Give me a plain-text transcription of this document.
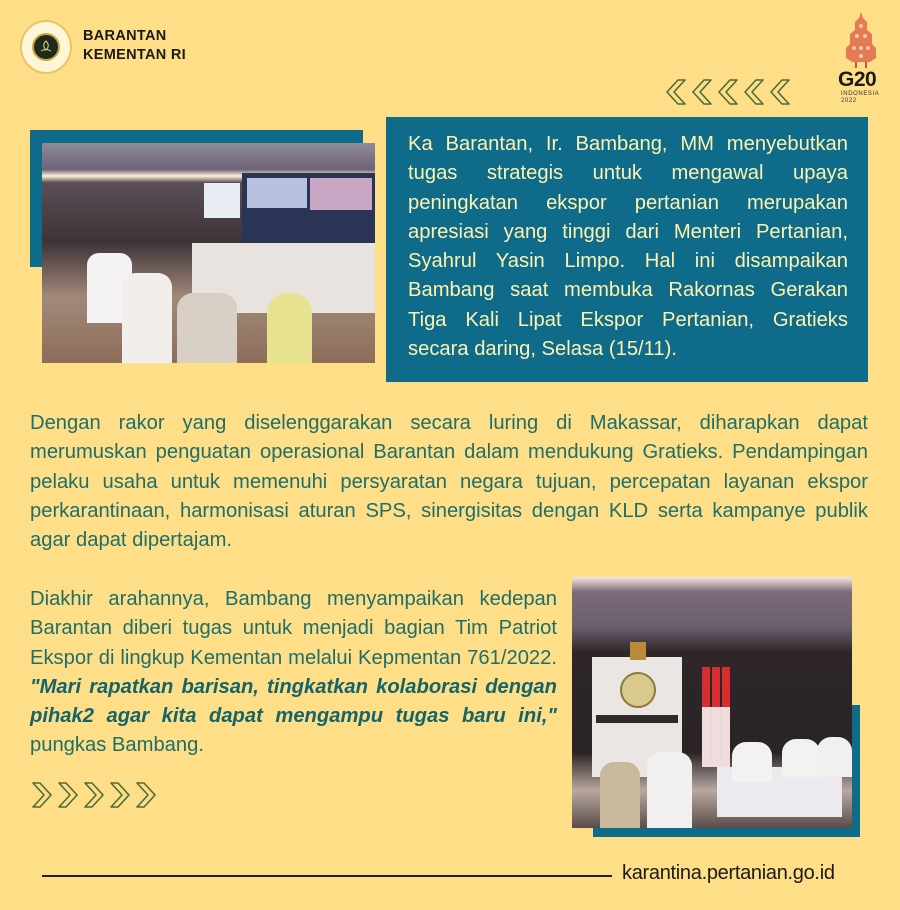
BARANTAN
KEMENTAN RI
G20
INDONESIA
2022

Ka Barantan, Ir. Bambang, MM menyebutkan tugas strategis untuk mengawal upaya peningkatan ekspor pertanian merupakan apresiasi yang tinggi dari Menteri Pertanian, Syahrul Yasin Limpo. Hal ini disampaikan Bambang saat membuka Rakornas Gerakan Tiga Kali Lipat Ekspor Pertanian, Gratieks secara daring, Selasa (15/11).

Dengan rakor yang diselenggarakan secara luring di Makassar, diharapkan dapat merumuskan penguatan operasional Barantan dalam mendukung Gratieks. Pendampingan pelaku usaha untuk memenuhi persyaratan negara tujuan, percepatan layanan ekspor perkarantinaan, harmonisasi aturan SPS, sinergisitas dengan KLD serta kampanye publik agar dapat dipertajam.

Diakhir arahannya, Bambang menyampaikan kedepan Barantan diberi tugas untuk menjadi bagian Tim Patriot Ekspor di lingkup Kementan melalui Kepmentan 761/2022. "Mari rapatkan barisan, tingkatkan kolaborasi dengan pihak2 agar kita dapat mengampu tugas baru ini," pungkas Bambang.

karantina.pertanian.go.id
